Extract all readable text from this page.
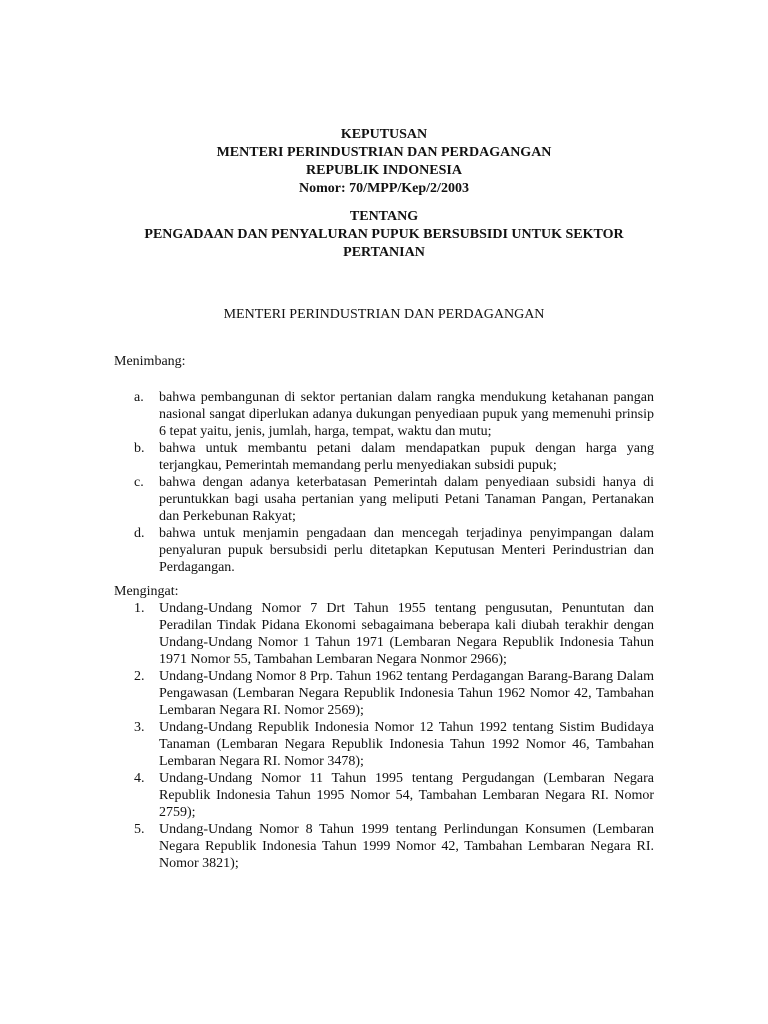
KEPUTUSAN
MENTERI PERINDUSTRIAN DAN PERDAGANGAN
REPUBLIK INDONESIA
Nomor: 70/MPP/Kep/2/2003
TENTANG
PENGADAAN DAN PENYALURAN PUPUK BERSUBSIDI UNTUK SEKTOR
PERTANIAN
MENTERI PERINDUSTRIAN DAN PERDAGANGAN
Menimbang:
a. bahwa pembangunan di sektor pertanian dalam rangka mendukung ketahanan pangan nasional sangat diperlukan adanya dukungan penyediaan pupuk yang memenuhi prinsip 6 tepat yaitu, jenis, jumlah, harga, tempat, waktu dan mutu;
b. bahwa untuk membantu petani dalam mendapatkan pupuk dengan harga yang terjangkau, Pemerintah memandang perlu menyediakan subsidi pupuk;
c. bahwa dengan adanya keterbatasan Pemerintah dalam penyediaan subsidi hanya di peruntukkan bagi usaha pertanian yang meliputi Petani Tanaman Pangan, Pertanakan dan Perkebunan Rakyat;
d. bahwa untuk menjamin pengadaan dan mencegah terjadinya penyimpangan dalam penyaluran pupuk bersubsidi perlu ditetapkan Keputusan Menteri Perindustrian dan Perdagangan.
Mengingat:
1. Undang-Undang Nomor 7 Drt Tahun 1955 tentang pengusutan, Penuntutan dan Peradilan Tindak Pidana Ekonomi sebagaimana beberapa kali diubah terakhir dengan Undang-Undang Nomor 1 Tahun 1971 (Lembaran Negara Republik Indonesia Tahun 1971 Nomor 55, Tambahan Lembaran Negara Nonmor 2966);
2. Undang-Undang Nomor 8 Prp. Tahun 1962 tentang Perdagangan Barang-Barang Dalam Pengawasan (Lembaran Negara Republik Indonesia Tahun 1962 Nomor 42, Tambahan Lembaran Negara RI. Nomor 2569);
3. Undang-Undang Republik Indonesia Nomor 12 Tahun 1992 tentang Sistim Budidaya Tanaman (Lembaran Negara Republik Indonesia Tahun 1992 Nomor 46, Tambahan Lembaran Negara RI. Nomor 3478);
4. Undang-Undang Nomor 11 Tahun 1995 tentang Pergudangan (Lembaran Negara Republik Indonesia Tahun 1995 Nomor 54, Tambahan Lembaran Negara RI. Nomor 2759);
5. Undang-Undang Nomor 8 Tahun 1999 tentang Perlindungan Konsumen (Lembaran Negara Republik Indonesia Tahun 1999 Nomor 42, Tambahan Lembaran Negara RI. Nomor 3821);
